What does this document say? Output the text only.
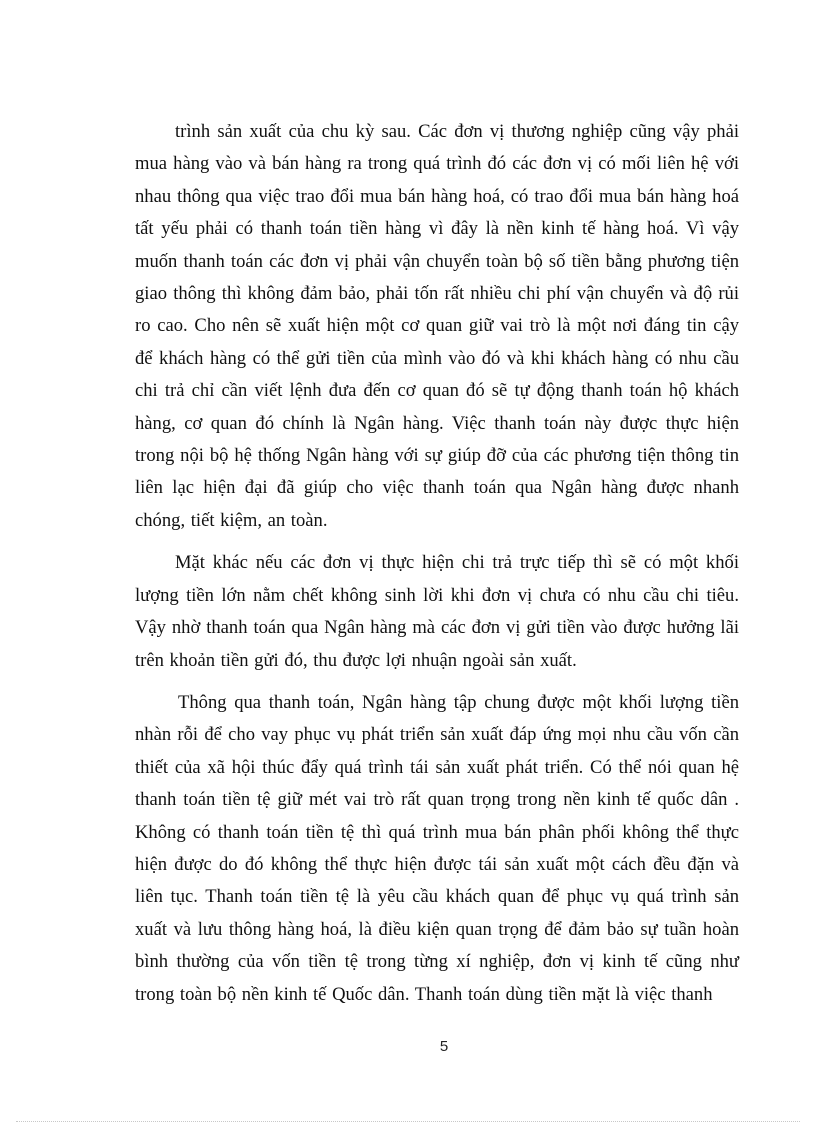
trình sản xuất của chu kỳ sau. Các đơn vị thương nghiệp cũng vậy phải mua hàng vào và bán hàng ra trong quá trình đó các đơn vị có mối liên hệ với nhau thông qua việc trao đổi mua bán hàng hoá, có trao đổi mua bán hàng hoá tất yếu phải có thanh toán tiền hàng vì đây là nền kinh tế hàng hoá. Vì vậy muốn thanh toán các đơn vị phải vận chuyển toàn bộ số tiền bằng phương tiện giao thông thì không đảm bảo, phải tốn rất nhiều chi phí vận chuyển và độ rủi ro cao. Cho nên sẽ xuất hiện một cơ quan giữ vai trò là một nơi đáng tin cậy để khách hàng có thể gửi tiền của mình vào đó và khi khách hàng có nhu cầu chi trả chỉ cần viết lệnh đưa đến cơ quan đó sẽ tự động thanh toán hộ khách hàng, cơ quan đó chính là Ngân hàng. Việc thanh toán này được thực hiện trong nội bộ hệ thống Ngân hàng với sự giúp đỡ của các phương tiện thông tin liên lạc hiện đại đã giúp cho việc thanh toán qua Ngân hàng được nhanh chóng, tiết kiệm, an toàn.

Mặt khác nếu các đơn vị thực hiện chi trả trực tiếp thì sẽ có một khối lượng tiền lớn nằm chết không sinh lời khi đơn vị chưa có nhu cầu chi tiêu. Vậy nhờ thanh toán qua Ngân hàng mà các đơn vị gửi tiền vào được hưởng lãi trên khoản tiền gửi đó, thu được lợi nhuận ngoài sản xuất.

Thông qua thanh toán, Ngân hàng tập chung được một khối lượng tiền nhàn rỗi để cho vay phục vụ phát triển sản xuất đáp ứng mọi nhu cầu vốn cần thiết của xã hội thúc đẩy quá trình tái sản xuất phát triển. Có thể nói quan hệ thanh toán tiền tệ giữ mét vai trò rất quan trọng trong nền kinh tế quốc dân . Không có thanh toán tiền tệ thì quá trình mua bán phân phối không thể thực hiện được do đó không thể thực hiện được tái sản xuất một cách đều đặn và liên tục. Thanh toán tiền tệ là yêu cầu khách quan để phục vụ quá trình sản xuất và lưu thông hàng hoá, là điều kiện quan trọng để đảm bảo sự tuần hoàn bình thường của vốn tiền tệ trong từng xí nghiệp, đơn vị kinh tế cũng như trong toàn bộ nền kinh tế Quốc dân. Thanh toán dùng tiền mặt là việc thanh

5
